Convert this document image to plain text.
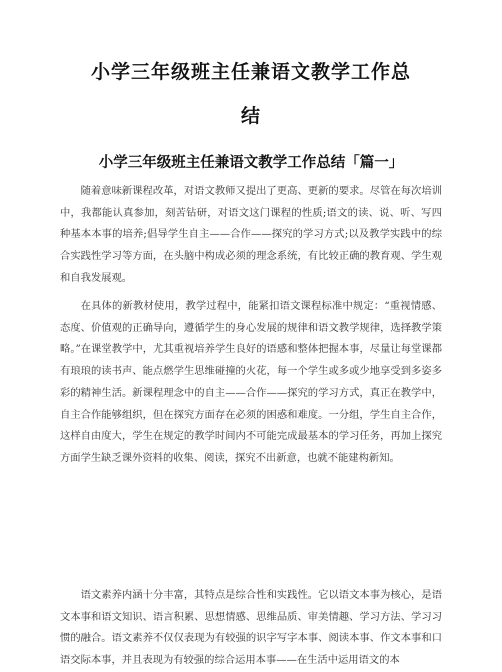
小学三年级班主任兼语文教学工作总
结
小学三年级班主任兼语文教学工作总结「篇一」

随着意味新课程改革，对语文教师又提出了更高、更新的要求。尽管在每次培训中，我都能认真参加，刻苦钻研，对语文这门课程的性质;语文的读、说、听、写四种基本本事的培养;倡导学生自主——合作——探究的学习方式;以及教学实践中的综合实践性学习等方面，在头脑中构成必须的理念系统，有比较正确的教育观、学生观和自我发展观。

在具体的新教材使用，教学过程中，能紧扣语文课程标准中规定：“重视情感、态度、价值观的正确导向，遵循学生的身心发展的规律和语文教学规律，选择教学策略。”在课堂教学中，尤其重视培养学生良好的语感和整体把握本事，尽量让每堂课都有琅琅的读书声、能点燃学生思维碰撞的火花，每一个学生或多或少地享受到多姿多彩的精神生活。新课程理念中的自主——合作——探究的学习方式，真正在教学中，自主合作能够组织，但在探究方面存在必须的困惑和难度。一分组，学生自主合作，这样自由度大，学生在规定的教学时间内不可能完成最基本的学习任务，再加上探究方面学生缺乏课外资料的收集、阅读，探究不出新意，也就不能建构新知。

语文素养内涵十分丰富，其特点是综合性和实践性。它以语文本事为核心，是语文本事和语文知识、语言积累、思想情感、思维品质、审美情趣、学习方法、学习习惯的融合。语文素养不仅仅表现为有较强的识字写字本事、阅读本事、作文本事和口语交际本事，并且表现为有较强的综合运用本事——在生活中运用语文的本
